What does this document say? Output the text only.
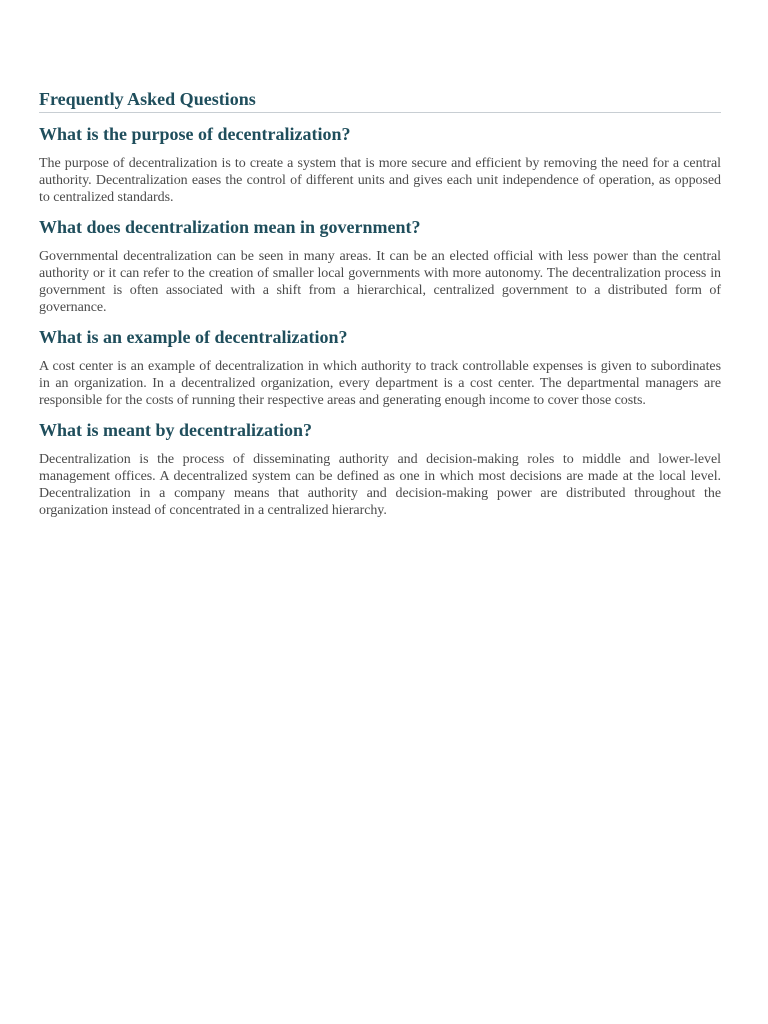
Frequently Asked Questions
What is the purpose of decentralization?

The purpose of decentralization is to create a system that is more secure and efficient by removing the need for a central authority. Decentralization eases the control of different units and gives each unit independence of operation, as opposed to centralized standards.

What does decentralization mean in government?

Governmental decentralization can be seen in many areas. It can be an elected official with less power than the central authority or it can refer to the creation of smaller local governments with more autonomy. The decentralization process in government is often associated with a shift from a hierarchical, centralized government to a distributed form of governance.

What is an example of decentralization?

A cost center is an example of decentralization in which authority to track controllable expenses is given to subordinates in an organization. In a decentralized organization, every department is a cost center. The departmental managers are responsible for the costs of running their respective areas and generating enough income to cover those costs.

What is meant by decentralization?

Decentralization is the process of disseminating authority and decision-making roles to middle and lower-level management offices. A decentralized system can be defined as one in which most decisions are made at the local level. Decentralization in a company means that authority and decision-making power are distributed throughout the organization instead of concentrated in a centralized hierarchy.
